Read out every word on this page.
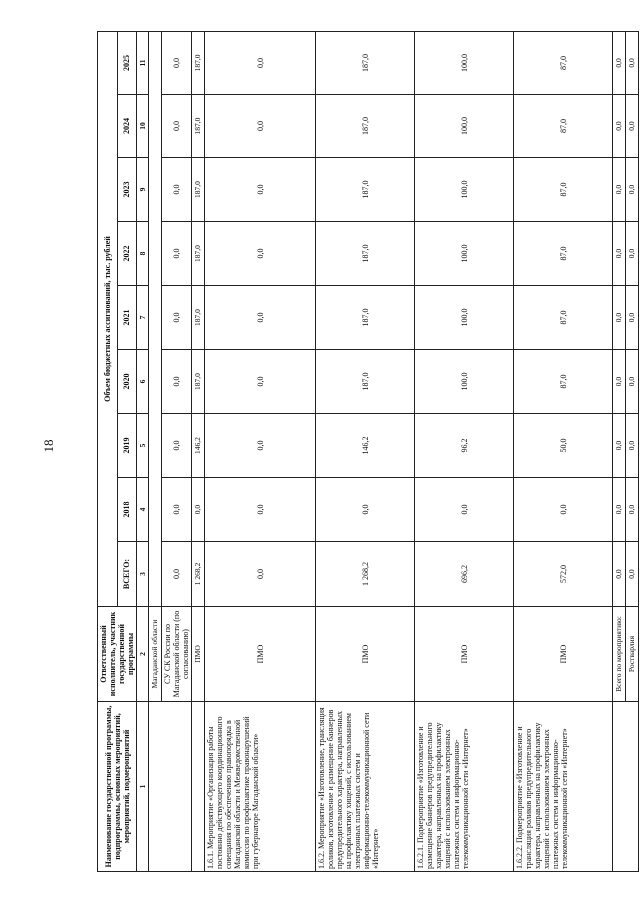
18
Наименование государственной программы, подпрограммы, основных мероприятий, мероприятий, подмероприятий	Ответственный исполнитель, участник государственной программы	Объем бюджетных ассигнований, тыс. рублей								
		ВСЕГО:	2018	2019	2020	2021	2022	2023	2024	2025
1	2	3	4	5	6	7	8	9	10	11
	Магаданской области									
	СУ СК России по Магаданской области (по согласованию)	0,0	0,0	0,0	0,0	0,0	0,0	0,0	0,0	0,0
	ПМО	1 268,2	0,0	146,2	187,0	187,0	187,0	187,0	187,0	187,0
1.6.1. Мероприятие «Организация работы постоянно действующего координационного совещания по обеспечению правопорядка в Магаданской области и Межведомственной комиссии по профилактике правонарушений при губернаторе Магаданской области»	ПМО	0,0	0,0	0,0	0,0	0,0	0,0	0,0	0,0	0,0
1.6.2. Мероприятие «Изготовление, трансляция роликов, изготовление и размещение баннеров предупредительного характера, направленных на профилактику хищений, с использованием электронных платежных систем и информационно-телекоммуникационной сети «Интернет»	ПМО	1 268,2	0,0	146,2	187,0	187,0	187,0	187,0	187,0	187,0
1.6.2.1. Подмероприятие «Изготовление и размещение баннеров предупредительного характера, направленных на профилактику хищений с использованием электронных платежных систем и информационно-телекоммуникационной сети «Интернет»	ПМО	696,2	0,0	96,2	100,0	100,0	100,0	100,0	100,0	100,0
1.6.2.2. Подмероприятие «Изготовление и трансляция роликов предупредительного характера, направленных на профилактику хищений с использованием электронных платежных систем и информационно-телекоммуникационной сети «Интернет»	ПМО	572,0	0,0	50,0	87,0	87,0	87,0	87,0	87,0	87,0
	Всего по мероприятию:	0,0	0,0	0,0	0,0	0,0	0,0	0,0	0,0	0,0
	Ростварлия	0,0	0,0	0,0	0,0	0,0	0,0	0,0	0,0	0,0
